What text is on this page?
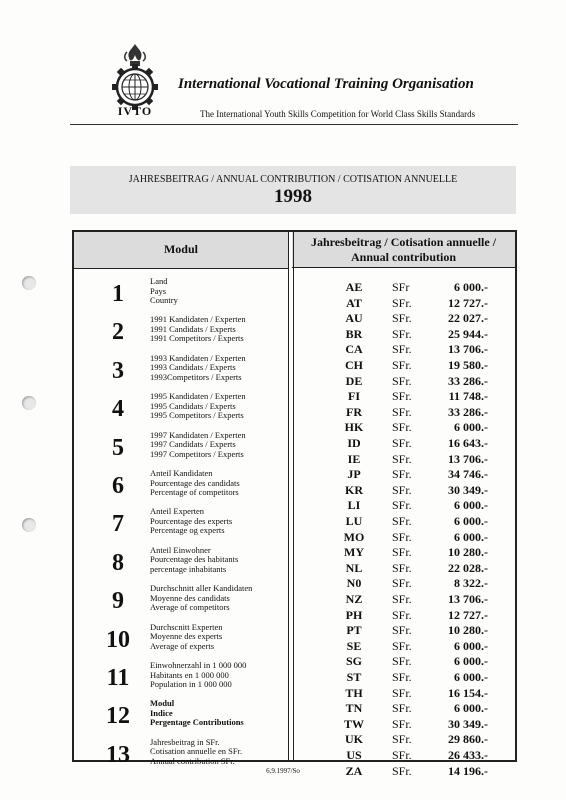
IVTO
International Vocational Training Organisation
The International Youth Skills Competition for World Class Skills Standards
JAHRESBEITRAG / ANNUAL CONTRIBUTION / COTISATION ANNUELLE
1998
Modul	Jahresbeitrag / Cotisation annuelle /
Annual contribution
1	Land
Pays
Country
2	1991 Kandidaten / Experten
1991 Candidats / Experts
1991 Competitors / Experts
3	1993 Kandidaten / Experten
1993 Candidats / Experts
1993Competitors / Experts
4	1995 Kandidaten / Experten
1995 Candidats / Experts
1995 Competitors / Experts
5	1997 Kandidaten / Experten
1997 Candidats / Experts
1997 Competitors / Experts
6	Anteil Kandidaten
Pourcentage des candidats
Percentage of competitors
7	Anteil Experten
Pourcentage des experts
Percentage og experts
8	Anteil Einwohner
Pourcentage des habitants
percentage inhabitants
9	Durchschnitt aller Kandidaten
Moyenne des candidats
Average of competitors
10	Durchscnitt Experten
Moyenne des experts
Average of experts
11	Einwohnerzahl in 1 000 000
Habitants en 1 000 000
Population in 1 000 000
12	Modul
Indice
Pergentage Contributions
13	Jahresbeitrag in SFr.
Cotisation annuelle en SFr.
Annual contribution SFr.
AE	SFr	6 000.-
AT	SFr.	12 727.-
AU	SFr.	22 027.-
BR	SFr.	25 944.-
CA	SFr.	13 706.-
CH	SFr.	19 580.-
DE	SFr.	33 286.-
FI	SFr.	11 748.-
FR	SFr.	33 286.-
HK	SFr.	6 000.-
ID	SFr.	16 643.-
IE	SFr.	13 706.-
JP	SFr.	34 746.-
KR	SFr.	30 349.-
LI	SFr.	6 000.-
LU	SFr.	6 000.-
MO	SFr.	6 000.-
MY	SFr.	10 280.-
NL	SFr.	22 028.-
N0	SFr.	8 322.-
NZ	SFr.	13 706.-
PH	SFr.	12 727.-
PT	SFr.	10 280.-
SE	SFr.	6 000.-
SG	SFr.	6 000.-
ST	SFr.	6 000.-
TH	SFr.	16 154.-
TN	SFr.	6 000.-
TW	SFr.	30 349.-
UK	SFr.	29 860.-
US	SFr.	26 433.-
ZA	SFr.	14 196.-
6.9.1997/So
